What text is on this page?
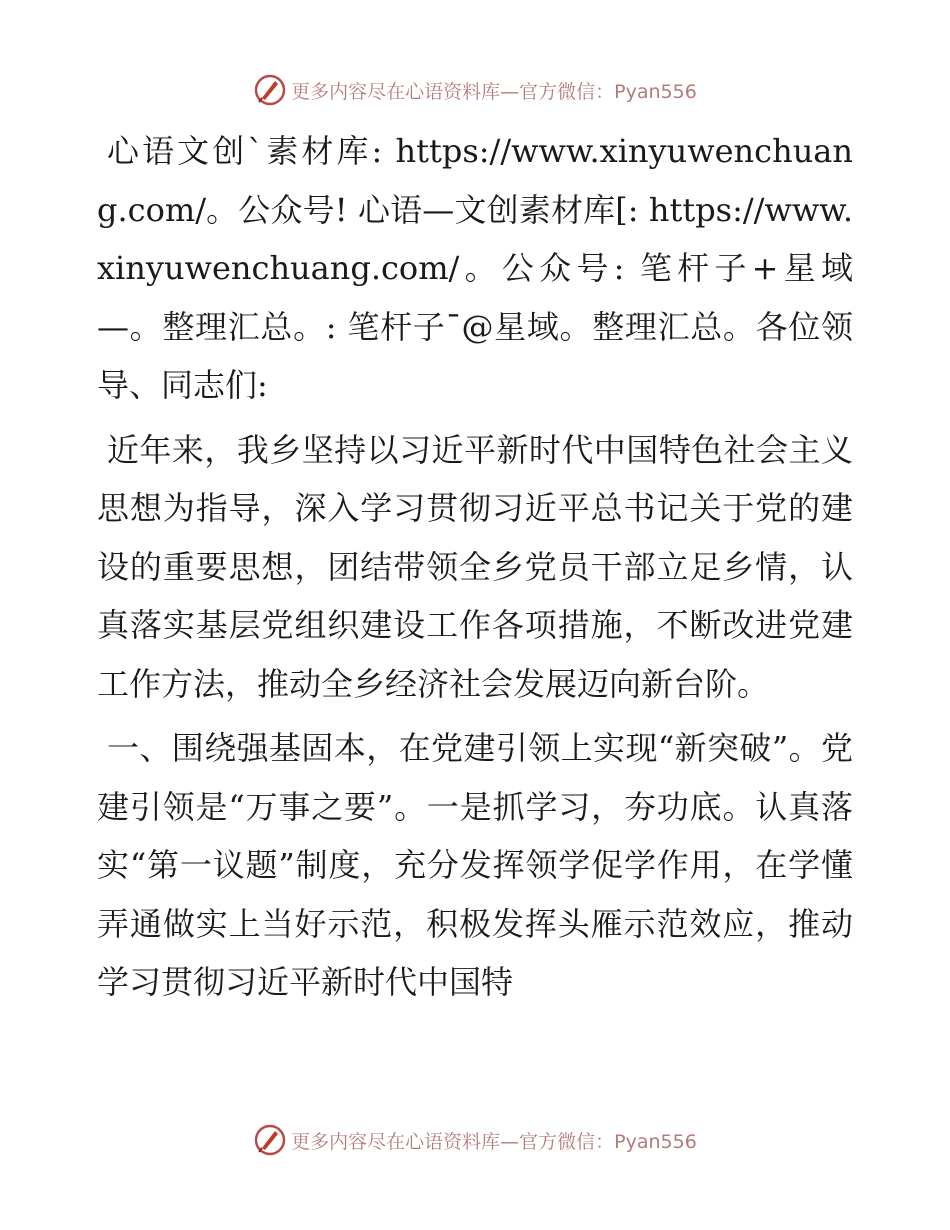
更多内容尽在心语资料库—官方微信：Pyan556

心语文创`素材库: https://www.xinyuwenchuang.com/。公众号! 心语—文创素材库[: https://www.xinyuwenchuang.com/。公众号: 笔杆子+星域—。整理汇总。: 笔杆子¯@星域。整理汇总。各位领导、同志们:

近年来，我乡坚持以习近平新时代中国特色社会主义思想为指导，深入学习贯彻习近平总书记关于党的建设的重要思想，团结带领全乡党员干部立足乡情，认真落实基层党组织建设工作各项措施，不断改进党建工作方法，推动全乡经济社会发展迈向新台阶。

一、围绕强基固本，在党建引领上实现“新突破”。党建引领是“万事之要”。一是抓学习，夯功底。认真落实“第一议题”制度，充分发挥领学促学作用，在学懂弄通做实上当好示范，积极发挥头雁示范效应，推动学习贯彻习近平新时代中国特

更多内容尽在心语资料库—官方微信：Pyan556
